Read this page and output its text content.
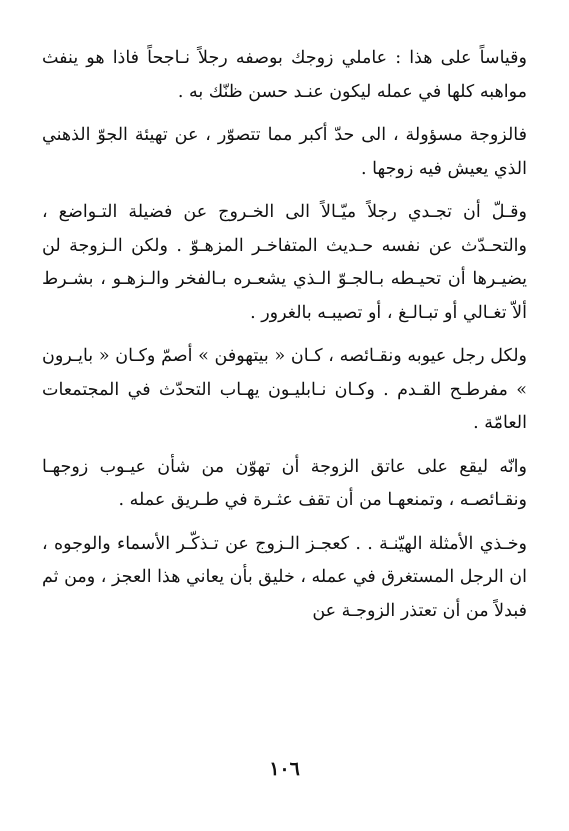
وقياساً على هذا : عاملي زوجك بوصفه رجلاً نـاجحاً فاذا هو ينفث مواهبه كلها في عمله ليكون عنـد حسن ظنّك به .

فالزوجة مسؤولة ، الى حدّ أكبر مما تتصوّر ، عن تهيئة الجوّ الذهني الذي يعيش فيه زوجها .

وقـلّ أن تجـدي رجلاً ميّـالاً الى الخـروج عن فضيلة التـواضع ، والتحـدّث عن نفسه حـديث المتفاخـر المزهـوّ . ولكن الـزوجة لن يضيـرها أن تحيـطه بـالجـوّ الـذي يشعـره بـالفخر والـزهـو ، بشـرط ألاّ تغـالي أو تبـالـغ ، أو تصيبـه بالغرور .

ولكل رجل عيوبه ونقـائصه ، كـان « بيتهوفن » أصمّ وكـان « بايـرون » مفرطـح القـدم . وكـان نـابليـون يهـاب التحدّث في المجتمعات العامّة .

وانّه ليقع على عاتق الزوجة أن تهوّن من شأن عيـوب زوجهـا ونقـائصـه ، وتمنعهـا من أن تقف عثـرة في طـريق عمله .

وخـذي الأمثلة الهيّنـة . . كعجـز الـزوج عن تـذكّـر الأسماء والوجوه ، ان الرجل المستغرق في عمله ، خليق بأن يعاني هذا العجز ، ومن ثم فبدلاً من أن تعتذر الزوجـة عن

١٠٦
